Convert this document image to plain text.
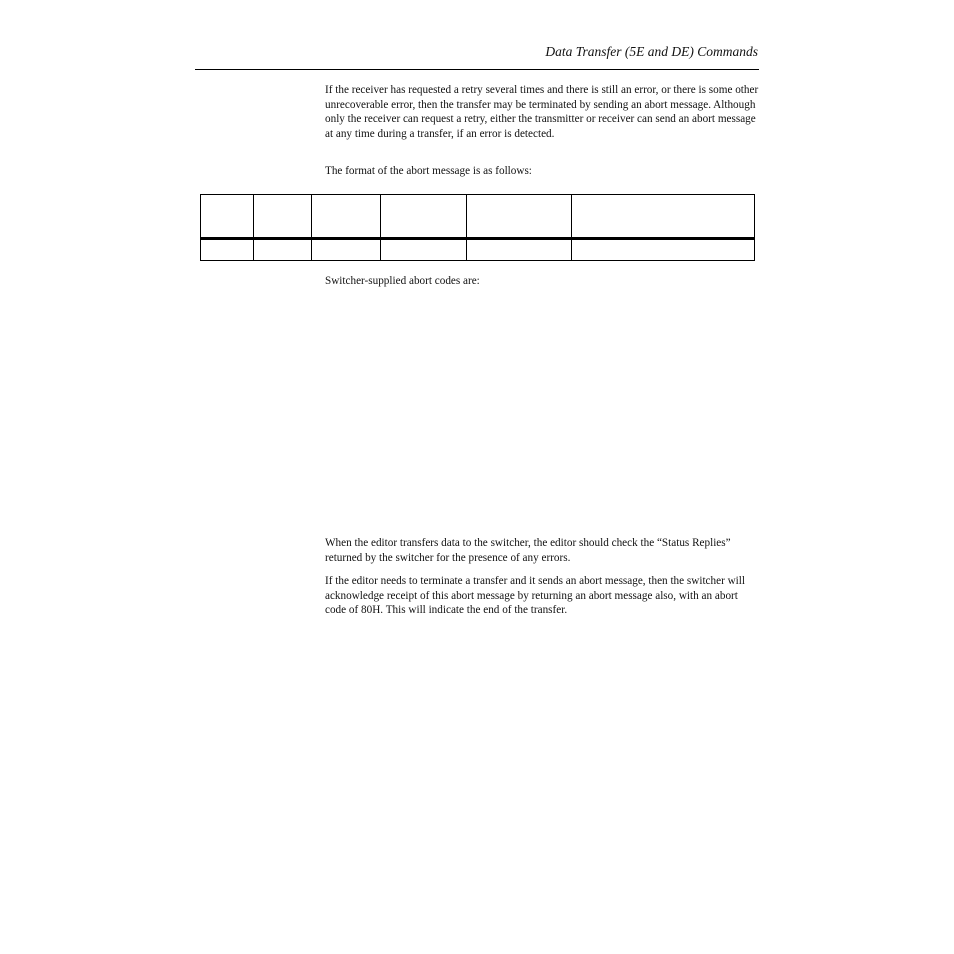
Data Transfer (5E and DE) Commands

If the receiver has requested a retry several times and there is still an error, or there is some other unrecoverable error, then the transfer may be terminated by sending an abort message. Although only the receiver can request a retry, either the transmitter or receiver can send an abort message at any time during a transfer, if an error is detected.

The format of the abort message is as follows:

Switcher-supplied abort codes are:

When the editor transfers data to the switcher, the editor should check the “Status Replies” returned by the switcher for the presence of any errors.

If the editor needs to terminate a transfer and it sends an abort message, then the switcher will acknowledge receipt of this abort message by returning an abort message also, with an abort code of 80H. This will indicate the end of the transfer.
